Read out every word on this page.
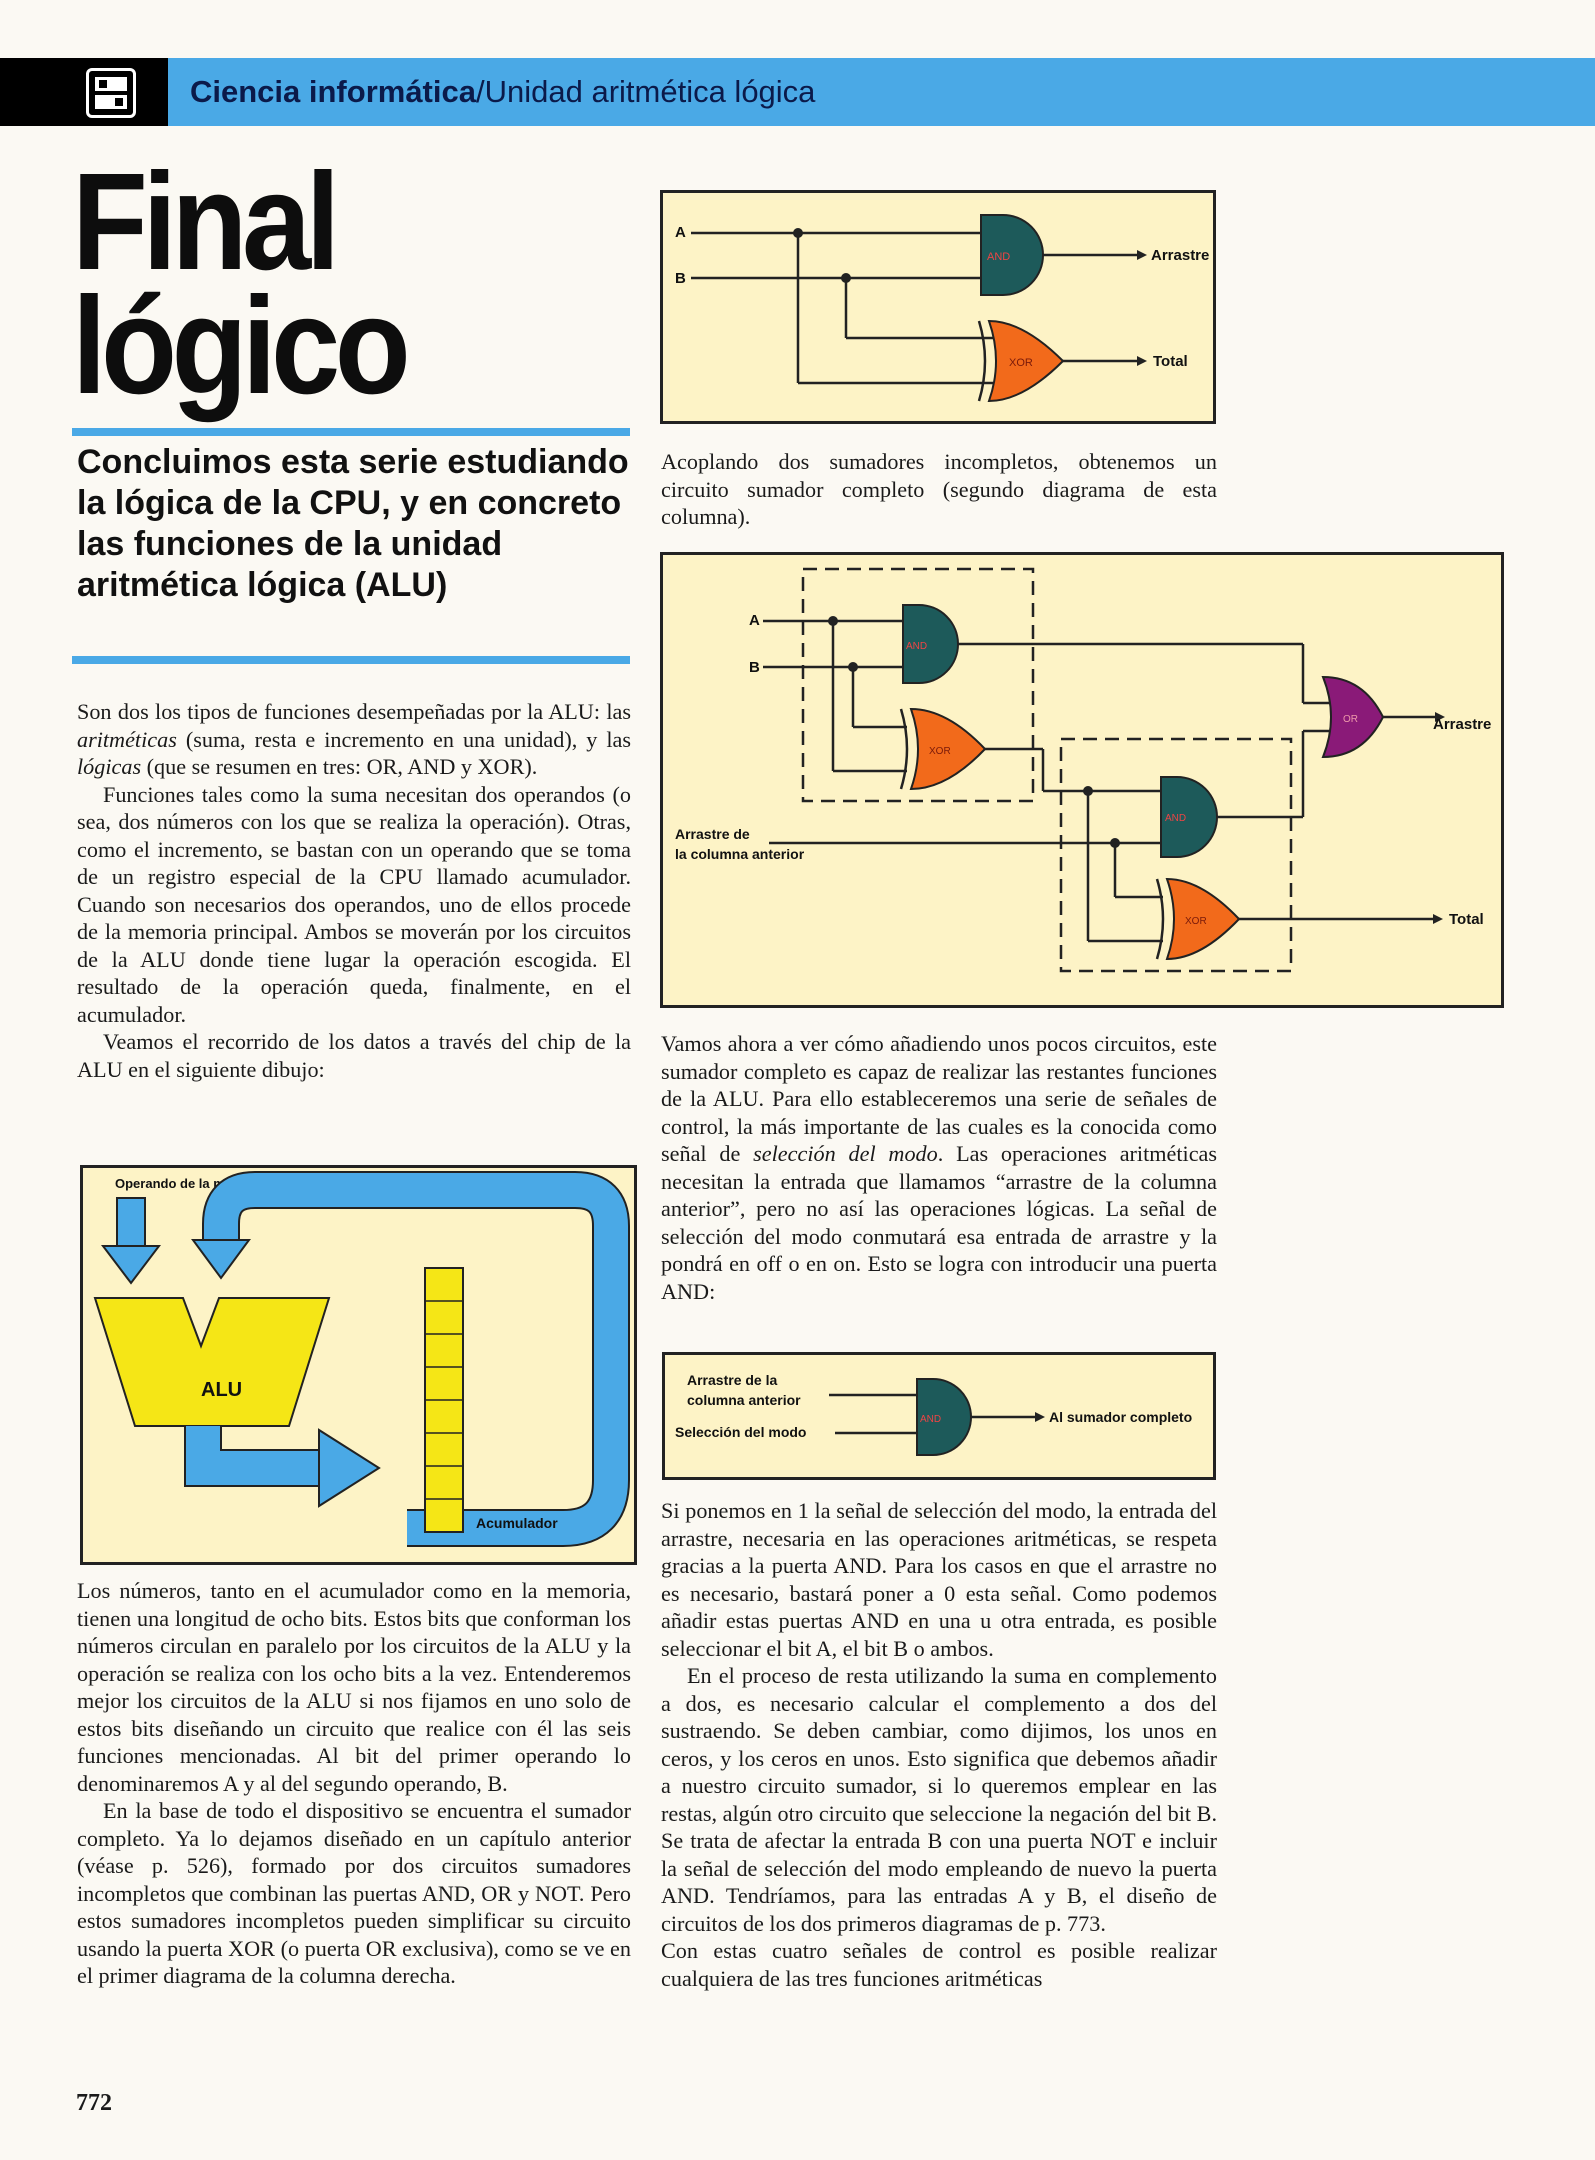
Ciencia informática/Unidad aritmética lógica
Final
lógico
Concluimos esta serie estudiando la lógica de la CPU, y en concreto las funciones de la unidad aritmética lógica (ALU)

Son dos los tipos de funciones desempeñadas por la ALU: las aritméticas (suma, resta e incremento en una unidad), y las lógicas (que se resumen en tres: OR, AND y XOR).

Funciones tales como la suma necesitan dos operandos (o sea, dos números con los que se realiza la operación). Otras, como el incremento, se bastan con un operando que se toma de un registro especial de la CPU llamado acumulador. Cuando son necesarios dos operandos, uno de ellos procede de la memoria principal. Ambos se moverán por los circuitos de la ALU donde tiene lugar la operación escogida. El resultado de la operación queda, finalmente, en el acumulador.

Veamos el recorrido de los datos a través del chip de la ALU en el siguiente dibujo:

Operando de la memoria
ALU
Acumulador

Los números, tanto en el acumulador como en la memoria, tienen una longitud de ocho bits. Estos bits que conforman los números circulan en paralelo por los circuitos de la ALU y la operación se realiza con los ocho bits a la vez. Entenderemos mejor los circuitos de la ALU si nos fijamos en uno solo de estos bits diseñando un circuito que realice con él las seis funciones mencionadas. Al bit del primer operando lo denominaremos A y al del segundo operando, B.

En la base de todo el dispositivo se encuentra el sumador completo. Ya lo dejamos diseñado en un capítulo anterior (véase p. 526), formado por dos circuitos sumadores incompletos que combinan las puertas AND, OR y NOT. Pero estos sumadores incompletos pueden simplificar su circuito usando la puerta XOR (o puerta OR exclusiva), como se ve en el primer diagrama de la columna derecha.

A
B
AND
XOR
Arrastre
Total

Acoplando dos sumadores incompletos, obtenemos un circuito sumador completo (segundo diagrama de esta columna).

A
B
Arrastre de
la columna anterior
AND
XOR
AND
XOR
OR	Arrastre
Total

Vamos ahora a ver cómo añadiendo unos pocos circuitos, este sumador completo es capaz de realizar las restantes funciones de la ALU. Para ello estableceremos una serie de señales de control, la más importante de las cuales es la conocida como señal de selección del modo. Las operaciones aritméticas necesitan la entrada que llamamos “arrastre de la columna anterior”, pero no así las operaciones lógicas. La señal de selección del modo conmutará esa entrada de arrastre y la pondrá en off o en on. Esto se logra con introducir una puerta AND:

Arrastre de la
columna anterior
Selección del modo
Al sumador completo
AND

Si ponemos en 1 la señal de selección del modo, la entrada del arrastre, necesaria en las operaciones aritméticas, se respeta gracias a la puerta AND. Para los casos en que el arrastre no es necesario, bastará poner a 0 esta señal. Como podemos añadir estas puertas AND en una u otra entrada, es posible seleccionar el bit A, el bit B o ambos.

En el proceso de resta utilizando la suma en complemento a dos, es necesario calcular el complemento a dos del sustraendo. Se deben cambiar, como dijimos, los unos en ceros, y los ceros en unos. Esto significa que debemos añadir a nuestro circuito sumador, si lo queremos emplear en las restas, algún otro circuito que seleccione la negación del bit B. Se trata de afectar la entrada B con una puerta NOT e incluir la señal de selección del modo empleando de nuevo la puerta AND. Tendríamos, para las entradas A y B, el diseño de circuitos de los dos primeros diagramas de p. 773.

Con estas cuatro señales de control es posible realizar cualquiera de las tres funciones aritméticas

772
